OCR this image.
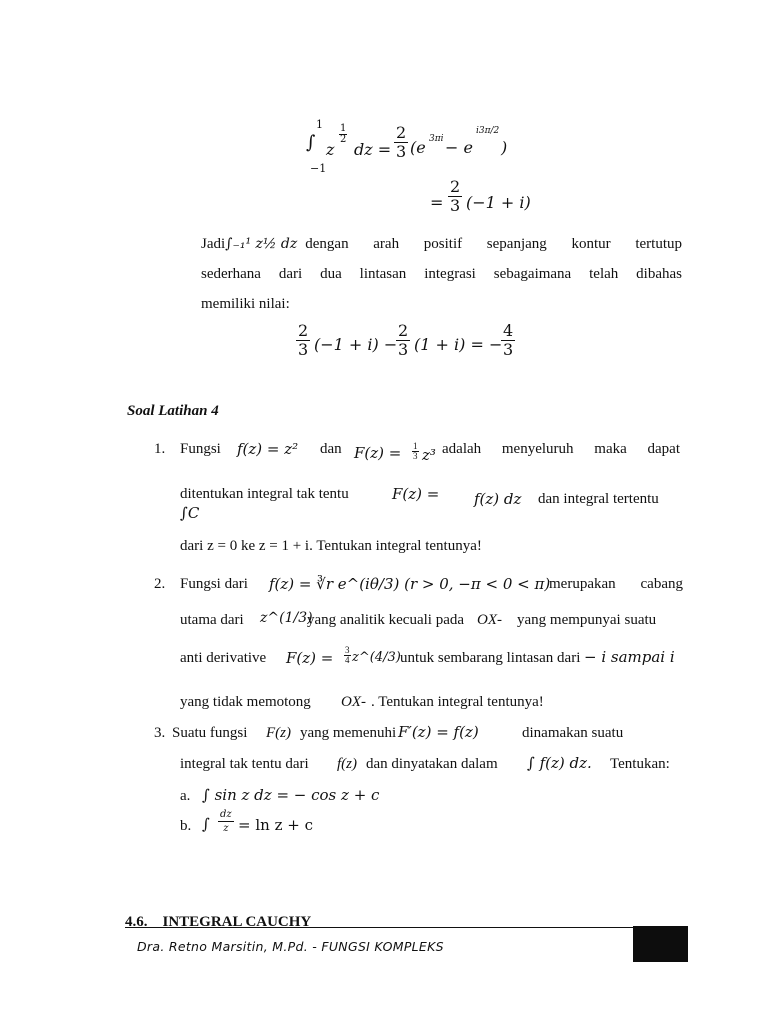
1
∫
−1
z
1
2
dz =
2
3 (e 3πi − e
i3π/2
)
=
2
3 (−1 + i)
Jadi ∫₋₁¹ z½ dz dengan arah positif sepanjang kontur tertutup
sederhana dari dua lintasan integrasi sebagaimana telah dibahas
memiliki nilai:
2
3 (−1 + i) −
2
3 (1 + i) = −
4
3
Soal Latihan 4
1. Fungsi f(z) = z² dan F(z) = 1
3 z³ adalah menyeluruh maka dapat
ditentukan integral tak tentu	F(z) = f(z) dz dan integral tertentu
∫C
dari z = 0 ke z = 1 + i. Tentukan integral tentunya!
2. Fungsi dari f(z) = ∛r e^(iθ/3) (r > 0, −π < 0 < π)
merupakan cabang
utama dari z^(1/3)
yang analitik kecuali pada OX- yang mempunyai suatu
anti derivative F(z) = 3
4 z^(4/3) untuk sembarang lintasan dari − i sampai i
yang tidak memotong OX- . Tentukan integral tentunya!
3. Suatu fungsi F(z) yang memenuhi F′(z) = f(z)	dinamakan suatu
integral tak tentu dari f(z) dan dinyatakan dalam ∫ f(z) dz. Tentukan:
a. ∫ sin z dz = − cos z + c
b. ∫
dz
z = ln z + c
4.6.    INTEGRAL CAUCHY
Dra. Retno Marsitin, M.Pd. - FUNGSI KOMPLEKS
